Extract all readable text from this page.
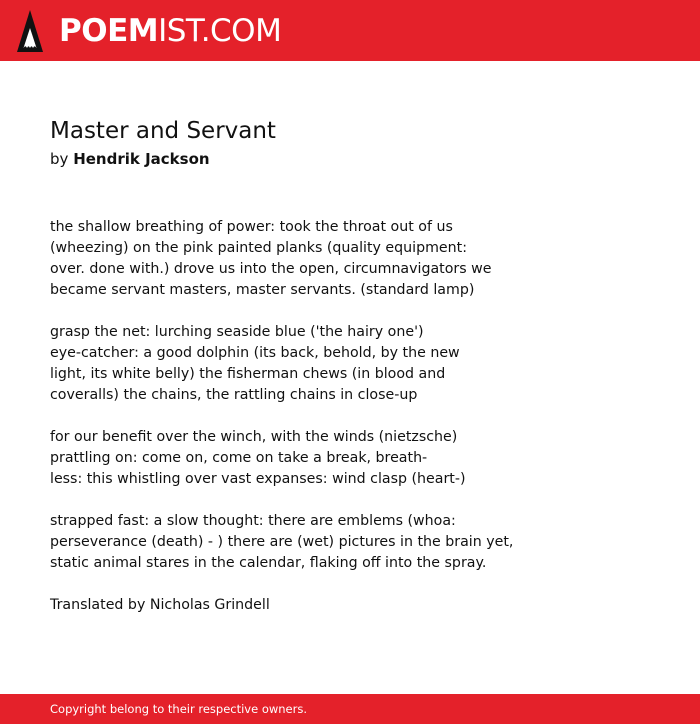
POEMIST.COM
Master and Servant

by Hendrik Jackson

the shallow breathing of power: took the throat out of us
(wheezing) on the pink painted planks (quality equipment:
over. done with.) drove us into the open, circumnavigators we
became servant masters, master servants. (standard lamp)
grasp the net: lurching seaside blue ('the hairy one')
eye-catcher: a good dolphin (its back, behold, by the new
light, its white belly) the fisherman chews (in blood and
coveralls) the chains, the rattling chains in close-up
for our benefit over the winch, with the winds (nietzsche)
prattling on: come on, come on take a break, breath-
less: this whistling over vast expanses: wind clasp (heart-)
strapped fast: a slow thought: there are emblems (whoa:
perseverance (death) - ) there are (wet) pictures in the brain yet,
static animal stares in the calendar, flaking off into the spray.

Translated by Nicholas Grindell

Copyright belong to their respective owners.
